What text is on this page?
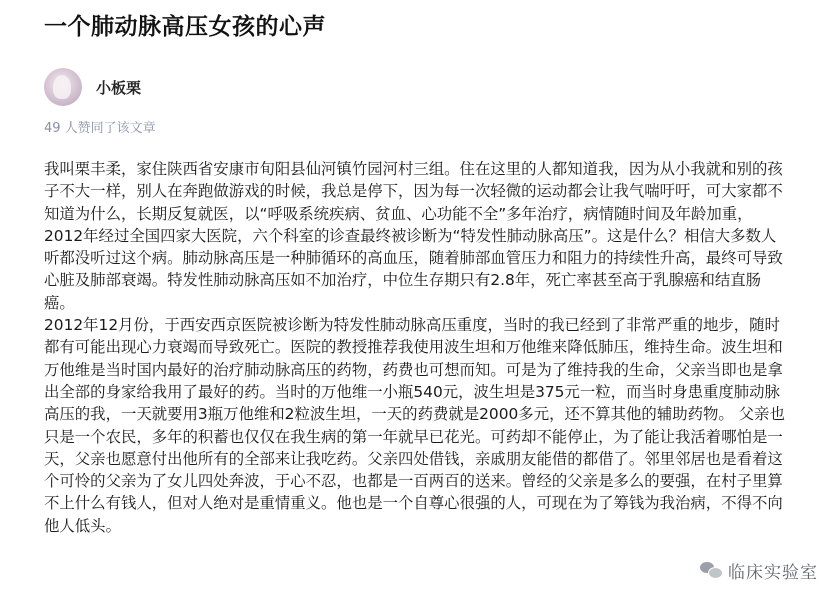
一个肺动脉高压女孩的心声
小板栗
49 人赞同了该文章

我叫栗丰柔，家住陕西省安康市旬阳县仙河镇竹园河村三组。住在这里的人都知道我，因为从小我就和别的孩子不大一样，别人在奔跑做游戏的时候，我总是停下，因为每一次轻微的运动都会让我气喘吁吁，可大家都不知道为什么，长期反复就医，以“呼吸系统疾病、贫血、心功能不全”多年治疗，病情随时间及年龄加重，2012年经过全国四家大医院，六个科室的诊查最终被诊断为“特发性肺动脉高压”。这是什么？相信大多数人听都没听过这个病。肺动脉高压是一种肺循环的高血压，随着肺部血管压力和阻力的持续性升高，最终可导致心脏及肺部衰竭。特发性肺动脉高压如不加治疗，中位生存期只有2.8年，死亡率甚至高于乳腺癌和结直肠癌。

2012年12月份，于西安西京医院被诊断为特发性肺动脉高压重度，当时的我已经到了非常严重的地步，随时都有可能出现心力衰竭而导致死亡。医院的教授推荐我使用波生坦和万他维来降低肺压，维持生命。波生坦和万他维是当时国内最好的治疗肺动脉高压的药物，药费也可想而知。可是为了维持我的生命，父亲当即也是拿出全部的身家给我用了最好的药。当时的万他维一小瓶540元，波生坦是375元一粒，而当时身患重度肺动脉高压的我，一天就要用3瓶万他维和2粒波生坦，一天的药费就是2000多元，还不算其他的辅助药物。 父亲也只是一个农民，多年的积蓄也仅仅在我生病的第一年就早已花光。可药却不能停止，为了能让我活着哪怕是一天，父亲也愿意付出他所有的全部来让我吃药。父亲四处借钱，亲戚朋友能借的都借了。邻里邻居也是看着这个可怜的父亲为了女儿四处奔波，于心不忍，也都是一百两百的送来。曾经的父亲是多么的要强，在村子里算不上什么有钱人，但对人绝对是重情重义。他也是一个自尊心很强的人，可现在为了筹钱为我治病，不得不向他人低头。

临床实验室
